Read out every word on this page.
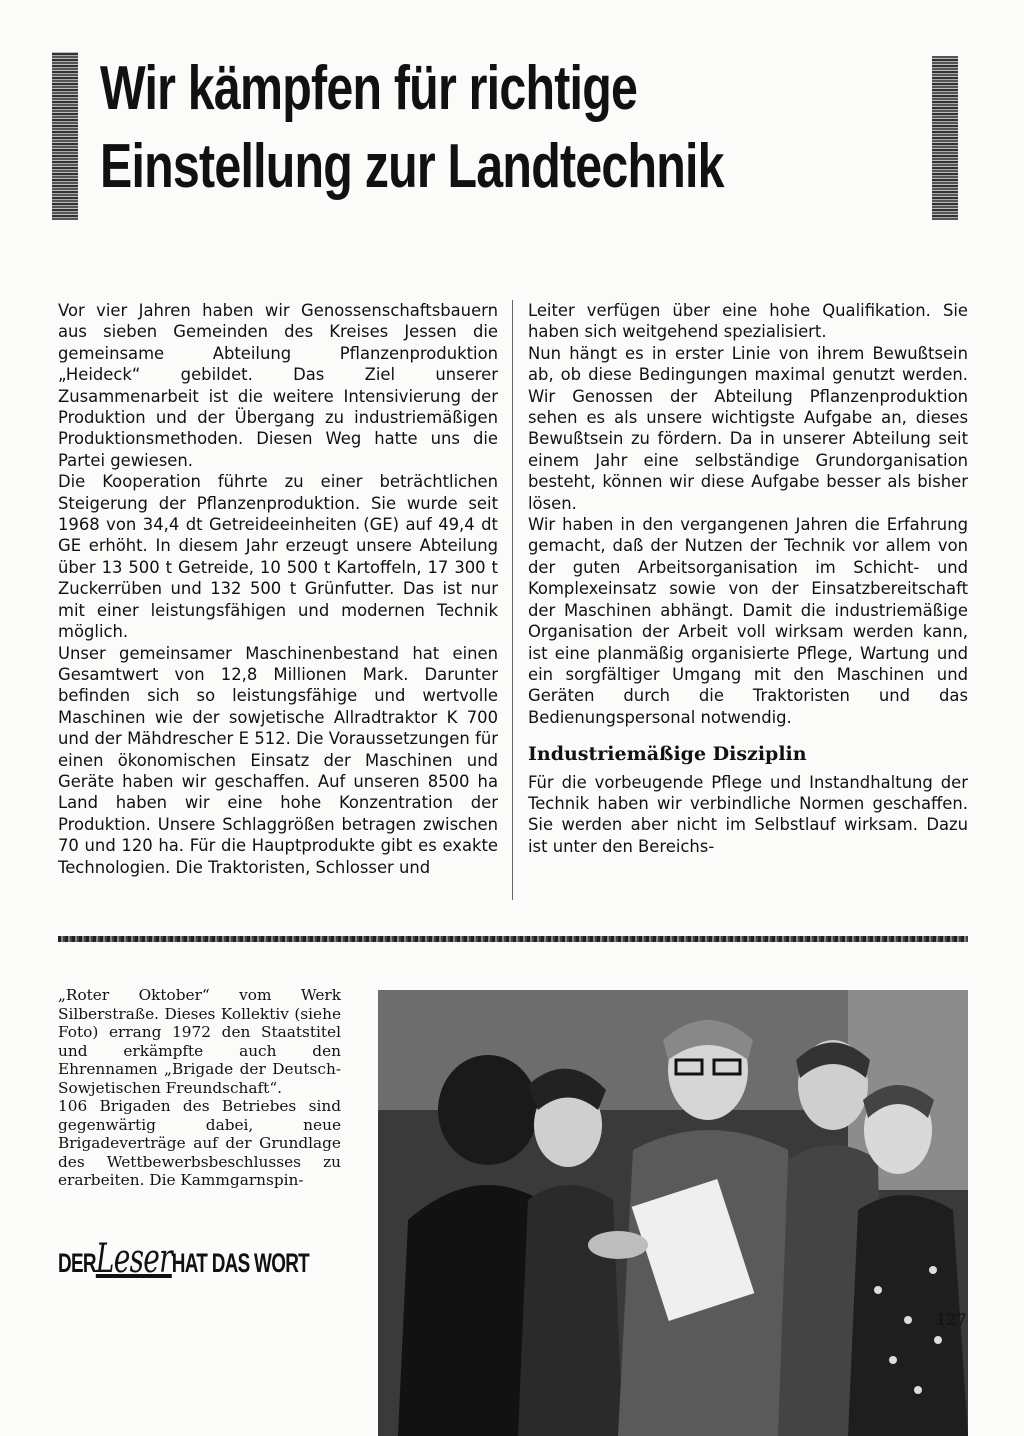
Wir kämpfen für richtige
Einstellung zur Landtechnik

Vor vier Jahren haben wir Genossenschaftsbauern aus sieben Gemeinden des Kreises Jessen die gemeinsame Abteilung Pflanzenproduktion „Heideck“ gebildet. Das Ziel unserer Zusammenarbeit ist die weitere Intensivierung der Produktion und der Übergang zu industriemäßigen Produktionsmethoden. Diesen Weg hatte uns die Partei gewiesen.

Die Kooperation führte zu einer beträchtlichen Steigerung der Pflanzenproduktion. Sie wurde seit 1968 von 34,4 dt Getreideeinheiten (GE) auf 49,4 dt GE erhöht. In diesem Jahr erzeugt unsere Abteilung über 13 500 t Getreide, 10 500 t Kartoffeln, 17 300 t Zuckerrüben und 132 500 t Grünfutter. Das ist nur mit einer leistungsfähigen und modernen Technik möglich.

Unser gemeinsamer Maschinenbestand hat einen Gesamtwert von 12,8 Millionen Mark. Darunter befinden sich so leistungsfähige und wertvolle Maschinen wie der sowjetische Allradtraktor K 700 und der Mähdrescher E 512. Die Voraussetzungen für einen ökonomischen Einsatz der Maschinen und Geräte haben wir geschaffen. Auf unseren 8500 ha Land haben wir eine hohe Konzentration der Produktion. Unsere Schlaggrößen betragen zwischen 70 und 120 ha. Für die Hauptprodukte gibt es exakte Technologien. Die Traktoristen, Schlosser und

Leiter verfügen über eine hohe Qualifikation. Sie haben sich weitgehend spezialisiert.

Nun hängt es in erster Linie von ihrem Bewußtsein ab, ob diese Bedingungen maximal genutzt werden. Wir Genossen der Abteilung Pflanzenproduktion sehen es als unsere wichtigste Aufgabe an, dieses Bewußtsein zu fördern. Da in unserer Abteilung seit einem Jahr eine selbständige Grundorganisation besteht, können wir diese Aufgabe besser als bisher lösen.

Wir haben in den vergangenen Jahren die Erfahrung gemacht, daß der Nutzen der Technik vor allem von der guten Arbeitsorganisation im Schicht- und Komplexeinsatz sowie von der Einsatzbereitschaft der Maschinen abhängt. Damit die industriemäßige Organisation der Arbeit voll wirksam werden kann, ist eine planmäßig organisierte Pflege, Wartung und ein sorgfältiger Umgang mit den Maschinen und Geräten durch die Traktoristen und das Bedienungspersonal notwendig.

Industriemäßige Disziplin

Für die vorbeugende Pflege und Instandhaltung der Technik haben wir verbindliche Normen geschaffen. Sie werden aber nicht im Selbstlauf wirksam. Dazu ist unter den Bereichs-

„Roter Oktober“ vom Werk Silberstraße. Dieses Kollektiv (siehe Foto) errang 1972 den Staatstitel und erkämpfte auch den Ehrennamen „Brigade der Deutsch-Sowjetischen Freundschaft“.

106 Brigaden des Betriebes sind gegenwärtig dabei, neue Brigadeverträge auf der Grundlage des Wettbewerbsbeschlusses zu erarbeiten. Die Kammgarnspin-

DERLeserHAT DAS WORT
127
